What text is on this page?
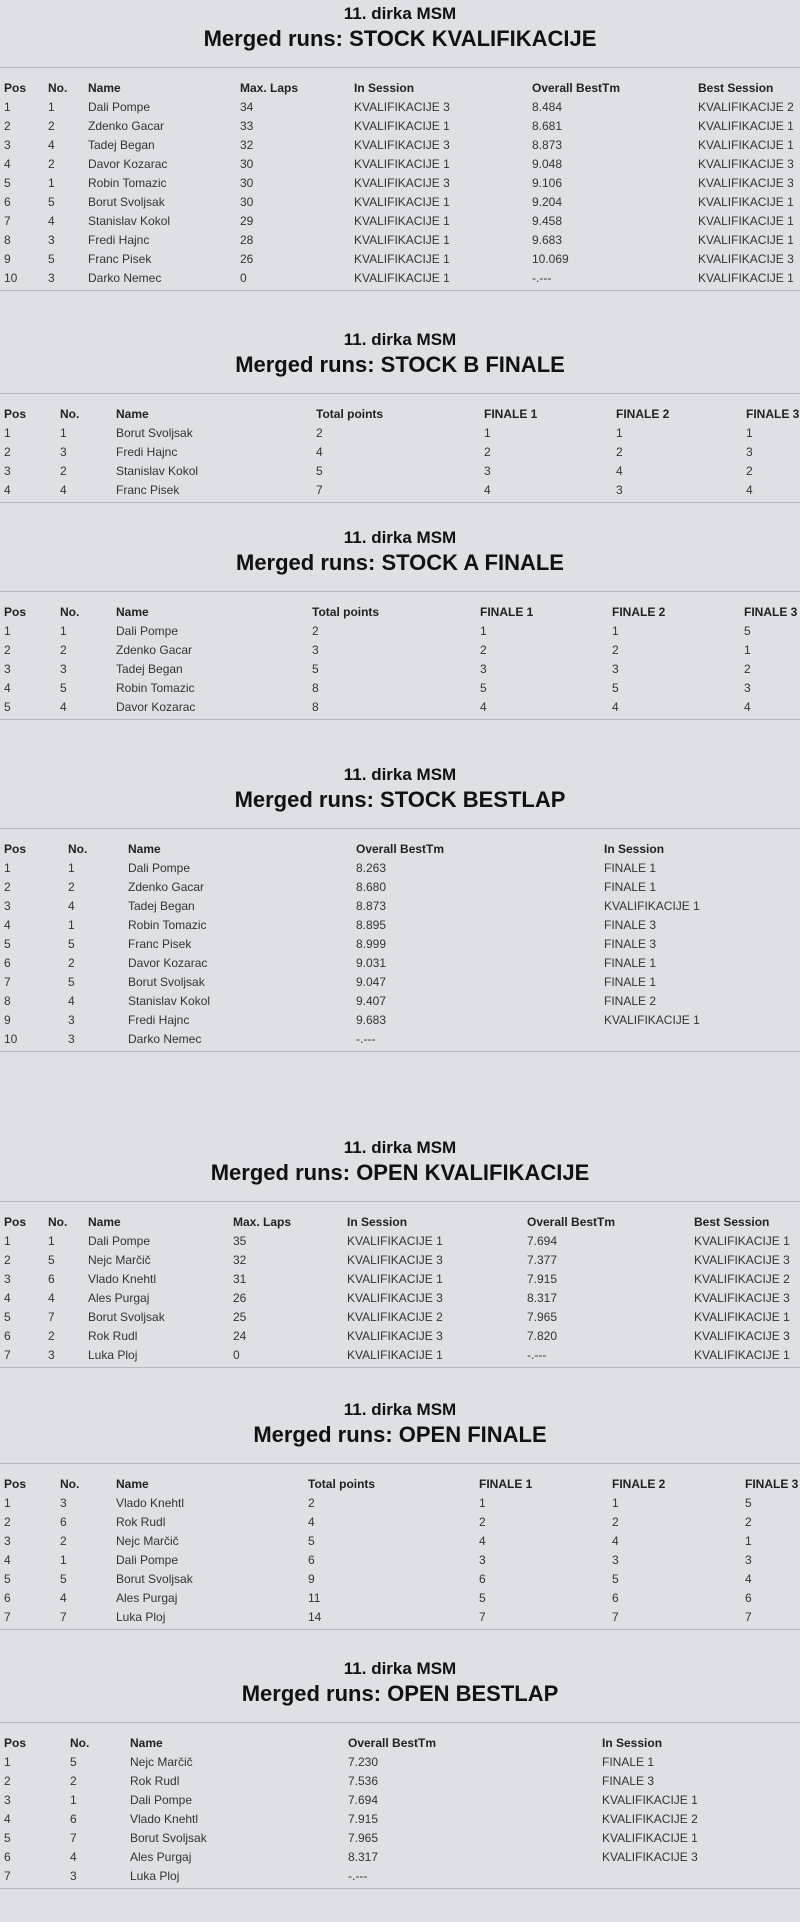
11. dirka MSM
Merged runs: STOCK KVALIFIKACIJE
Pos	No.	Name	Max. Laps	In Session	Overall BestTm	Best Session
1	1	Dali Pompe	34	KVALIFIKACIJE 3	8.484	KVALIFIKACIJE 2
2	2	Zdenko Gacar	33	KVALIFIKACIJE 1	8.681	KVALIFIKACIJE 1
3	4	Tadej Began	32	KVALIFIKACIJE 3	8.873	KVALIFIKACIJE 1
4	2	Davor Kozarac	30	KVALIFIKACIJE 1	9.048	KVALIFIKACIJE 3
5	1	Robin Tomazic	30	KVALIFIKACIJE 3	9.106	KVALIFIKACIJE 3
6	5	Borut Svoljsak	30	KVALIFIKACIJE 1	9.204	KVALIFIKACIJE 1
7	4	Stanislav Kokol	29	KVALIFIKACIJE 1	9.458	KVALIFIKACIJE 1
8	3	Fredi Hajnc	28	KVALIFIKACIJE 1	9.683	KVALIFIKACIJE 1
9	5	Franc Pisek	26	KVALIFIKACIJE 1	10.069	KVALIFIKACIJE 3
10	3	Darko Nemec	0	KVALIFIKACIJE 1	-.---	KVALIFIKACIJE 1
11. dirka MSM
Merged runs: STOCK B FINALE
Pos	No.	Name	Total points	FINALE 1	FINALE 2	FINALE 3
1	1	Borut Svoljsak	2	1	1	1
2	3	Fredi Hajnc	4	2	2	3
3	2	Stanislav Kokol	5	3	4	2
4	4	Franc Pisek	7	4	3	4
11. dirka MSM
Merged runs: STOCK A FINALE
Pos	No.	Name	Total points	FINALE 1	FINALE 2	FINALE 3
1	1	Dali Pompe	2	1	1	5
2	2	Zdenko Gacar	3	2	2	1
3	3	Tadej Began	5	3	3	2
4	5	Robin Tomazic	8	5	5	3
5	4	Davor Kozarac	8	4	4	4
11. dirka MSM
Merged runs: STOCK BESTLAP
Pos	No.	Name	Overall BestTm	In Session
1	1	Dali Pompe	8.263	FINALE 1
2	2	Zdenko Gacar	8.680	FINALE 1
3	4	Tadej Began	8.873	KVALIFIKACIJE 1
4	1	Robin Tomazic	8.895	FINALE 3
5	5	Franc Pisek	8.999	FINALE 3
6	2	Davor Kozarac	9.031	FINALE 1
7	5	Borut Svoljsak	9.047	FINALE 1
8	4	Stanislav Kokol	9.407	FINALE 2
9	3	Fredi Hajnc	9.683	KVALIFIKACIJE 1
10	3	Darko Nemec	-.---	
11. dirka MSM
Merged runs: OPEN KVALIFIKACIJE
Pos	No.	Name	Max. Laps	In Session	Overall BestTm	Best Session
1	1	Dali Pompe	35	KVALIFIKACIJE 1	7.694	KVALIFIKACIJE 1
2	5	Nejc Marčič	32	KVALIFIKACIJE 3	7.377	KVALIFIKACIJE 3
3	6	Vlado Knehtl	31	KVALIFIKACIJE 1	7.915	KVALIFIKACIJE 2
4	4	Ales Purgaj	26	KVALIFIKACIJE 3	8.317	KVALIFIKACIJE 3
5	7	Borut Svoljsak	25	KVALIFIKACIJE 2	7.965	KVALIFIKACIJE 1
6	2	Rok Rudl	24	KVALIFIKACIJE 3	7.820	KVALIFIKACIJE 3
7	3	Luka Ploj	0	KVALIFIKACIJE 1	-.---	KVALIFIKACIJE 1
11. dirka MSM
Merged runs: OPEN FINALE
Pos	No.	Name	Total points	FINALE 1	FINALE 2	FINALE 3
1	3	Vlado Knehtl	2	1	1	5
2	6	Rok Rudl	4	2	2	2
3	2	Nejc Marčič	5	4	4	1
4	1	Dali Pompe	6	3	3	3
5	5	Borut Svoljsak	9	6	5	4
6	4	Ales Purgaj	11	5	6	6
7	7	Luka Ploj	14	7	7	7
11. dirka MSM
Merged runs: OPEN BESTLAP
Pos	No.	Name	Overall BestTm	In Session
1	5	Nejc Marčič	7.230	FINALE 1
2	2	Rok Rudl	7.536	FINALE 3
3	1	Dali Pompe	7.694	KVALIFIKACIJE 1
4	6	Vlado Knehtl	7.915	KVALIFIKACIJE 2
5	7	Borut Svoljsak	7.965	KVALIFIKACIJE 1
6	4	Ales Purgaj	8.317	KVALIFIKACIJE 3
7	3	Luka Ploj	-.---	
